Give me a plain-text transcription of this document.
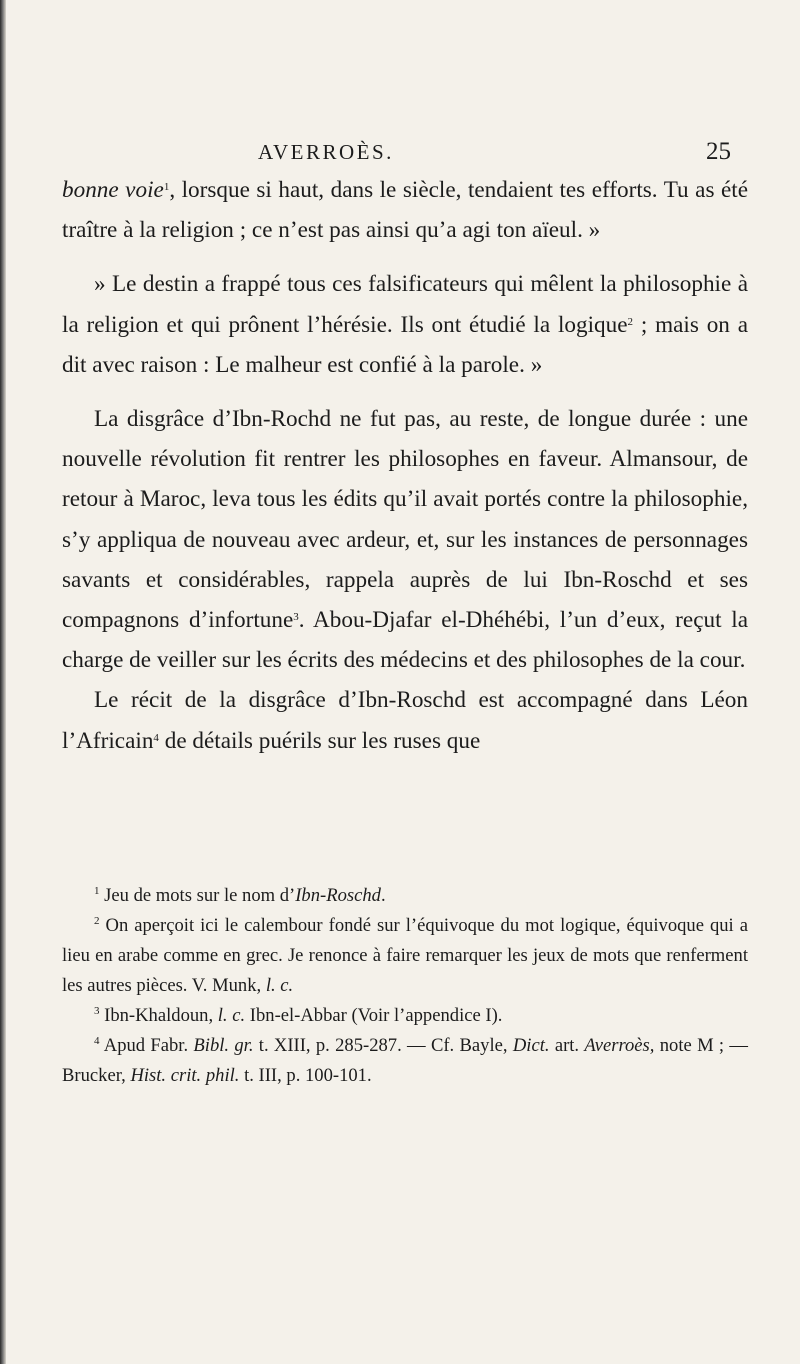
AVERROÈS.	25

bonne voie$^1$, lorsque si haut, dans le siècle, tendaient tes efforts. Tu as été traître à la religion ; ce n’est pas ainsi qu’a agi ton aïeul. »

» Le destin a frappé tous ces falsificateurs qui mêlent la philosophie à la religion et qui prônent l’hérésie. Ils ont étudié la logique$^2$ ; mais on a dit avec raison : Le malheur est confié à la parole. »

La disgrâce d’Ibn-Rochd ne fut pas, au reste, de longue durée : une nouvelle révolution fit rentrer les philosophes en faveur. Almansour, de retour à Maroc, leva tous les édits qu’il avait portés contre la philosophie, s’y appliqua de nouveau avec ardeur, et, sur les instances de personnages savants et considérables, rappela auprès de lui Ibn-Roschd et ses compagnons d’infortune$^3$. Abou-Djafar el-Dhéhébi, l’un d’eux, reçut la charge de veiller sur les écrits des médecins et des philosophes de la cour.

Le récit de la disgrâce d’Ibn-Roschd est accompagné dans Léon l’Africain$^4$ de détails puérils sur les ruses que

$^1$ Jeu de mots sur le nom d’Ibn-Roschd.

$^2$ On aperçoit ici le calembour fondé sur l’équivoque du mot logique, équivoque qui a lieu en arabe comme en grec. Je renonce à faire remarquer les jeux de mots que renferment les autres pièces. V. Munk, l. c.

$^3$ Ibn-Khaldoun, l. c. Ibn-el-Abbar (Voir l’appendice I).

$^4$ Apud Fabr. Bibl. gr. t. XIII, p. 285-287. — Cf. Bayle, Dict. art. Averroès, note M ; — Brucker, Hist. crit. phil. t. III, p. 100-101.
